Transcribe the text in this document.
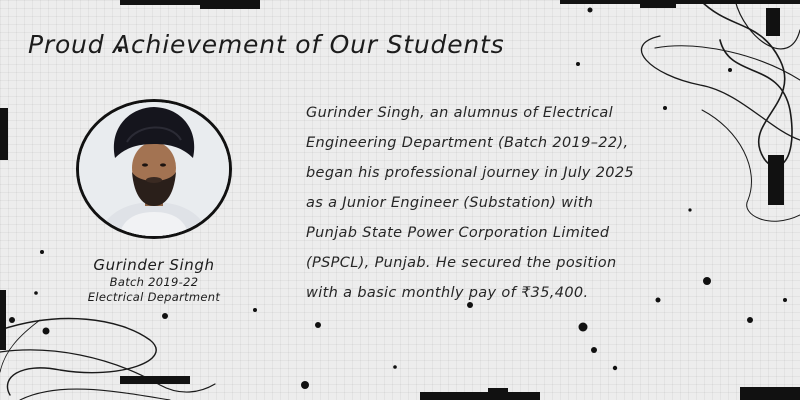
Proud Achievement of Our Students
Gurinder Singh
Batch 2019-22
Electrical Department

Gurinder Singh, an alumnus of Electrical
Engineering Department (Batch 2019–22),
began his professional journey in July 2025
as a Junior Engineer (Substation) with
Punjab State Power Corporation Limited
(PSPCL), Punjab. He secured the position
with a basic monthly pay of ₹35,400.
